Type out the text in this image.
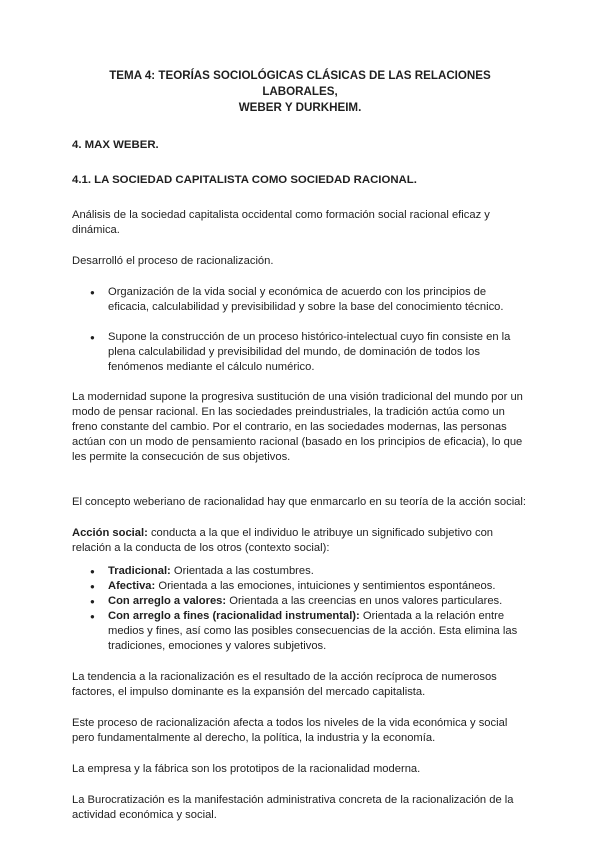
TEMA 4: TEORÍAS SOCIOLÓGICAS CLÁSICAS DE LAS RELACIONES LABORALES,
WEBER Y DURKHEIM.
4. MAX WEBER.
4.1. LA SOCIEDAD CAPITALISTA COMO SOCIEDAD RACIONAL.

Análisis de la sociedad capitalista occidental como formación social racional eficaz y dinámica.

Desarrolló el proceso de racionalización.

● Organización de la vida social y económica de acuerdo con los principios de eficacia, calculabilidad y previsibilidad y sobre la base del conocimiento técnico.
● Supone la construcción de un proceso histórico-intelectual cuyo fin consiste en la plena calculabilidad y previsibilidad del mundo, de dominación de todos los fenómenos mediante el cálculo numérico.

La modernidad supone la progresiva sustitución de una visión tradicional del mundo por un modo de pensar racional. En las sociedades preindustriales, la tradición actúa como un freno constante del cambio. Por el contrario, en las sociedades modernas, las personas actúan con un modo de pensamiento racional (basado en los principios de eficacia), lo que les permite la consecución de sus objetivos.

El concepto weberiano de racionalidad hay que enmarcarlo en su teoría de la acción social:

Acción social: conducta a la que el individuo le atribuye un significado subjetivo con relación a la conducta de los otros (contexto social):

● Tradicional: Orientada a las costumbres.
● Afectiva: Orientada a las emociones, intuiciones y sentimientos espontáneos.
● Con arreglo a valores: Orientada a las creencias en unos valores particulares.
● Con arreglo a fines (racionalidad instrumental): Orientada a la relación entre medios y fines, así como las posibles consecuencias de la acción. Esta elimina las tradiciones, emociones y valores subjetivos.

La tendencia a la racionalización es el resultado de la acción recíproca de numerosos factores, el impulso dominante es la expansión del mercado capitalista.

Este proceso de racionalización afecta a todos los niveles de la vida económica y social pero fundamentalmente al derecho, la política, la industria y la economía.

La empresa y la fábrica son los prototipos de la racionalidad moderna.

La Burocratización es la manifestación administrativa concreta de la racionalización de la actividad económica y social.
